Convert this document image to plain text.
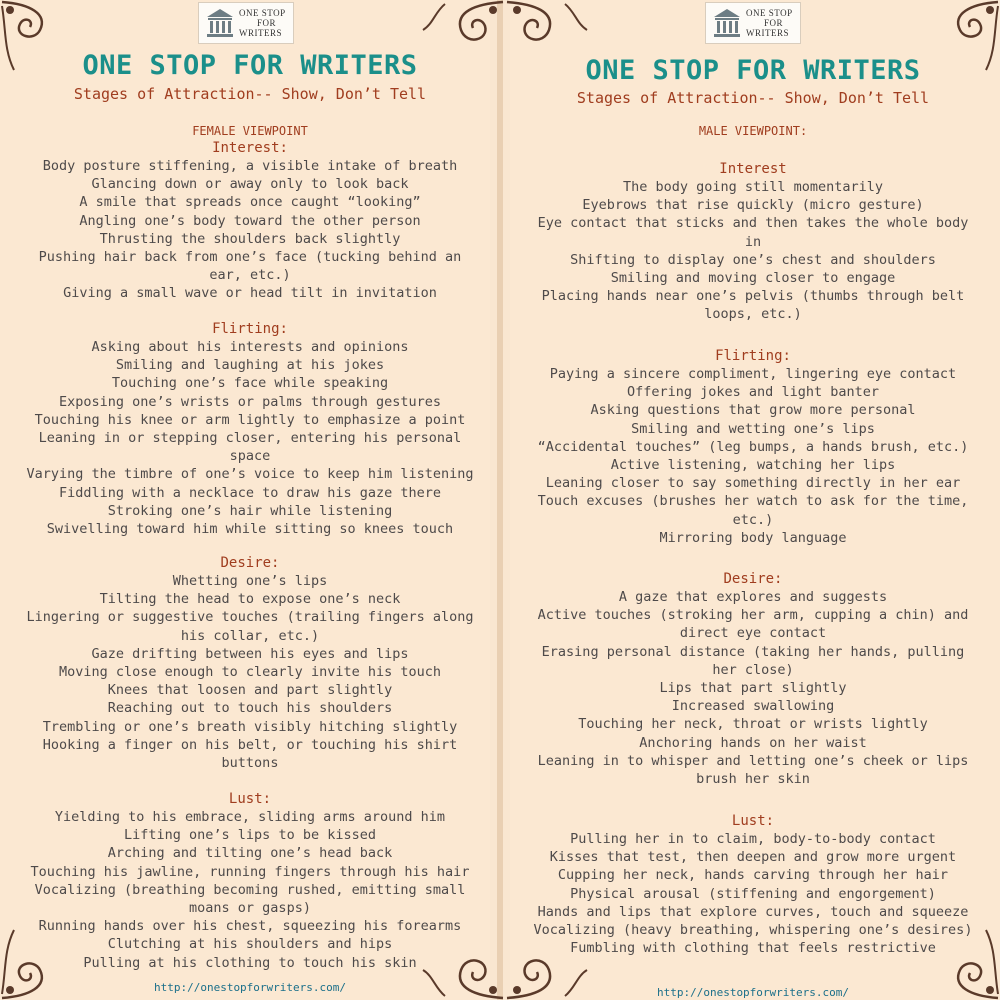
ONE STOP
FOR
WRITERS
ONE STOP FOR WRITERS
Stages of Attraction-- Show, Don’t Tell
FEMALE VIEWPOINT
Interest:
Body posture stiffening, a visible intake of breath
Glancing down or away only to look back
A smile that spreads once caught “looking”
Angling one’s body toward the other person
Thrusting the shoulders back slightly
Pushing hair back from one’s face (tucking behind an
ear, etc.)
Giving a small wave or head tilt in invitation
Flirting:
Asking about his interests and opinions
Smiling and laughing at his jokes
Touching one’s face while speaking
Exposing one’s wrists or palms through gestures
Touching his knee or arm lightly to emphasize a point
Leaning in or stepping closer, entering his personal
space
Varying the timbre of one’s voice to keep him listening
Fiddling with a necklace to draw his gaze there
Stroking one’s hair while listening
Swivelling toward him while sitting so knees touch
Desire:
Whetting one’s lips
Tilting the head to expose one’s neck
Lingering or suggestive touches (trailing fingers along
his collar, etc.)
Gaze drifting between his eyes and lips
Moving close enough to clearly invite his touch
Knees that loosen and part slightly
Reaching out to touch his shoulders
Trembling or one’s breath visibly hitching slightly
Hooking a finger on his belt, or touching his shirt
buttons
Lust:
Yielding to his embrace, sliding arms around him
Lifting one’s lips to be kissed
Arching and tilting one’s head back
Touching his jawline, running fingers through his hair
Vocalizing (breathing becoming rushed, emitting small
moans or gasps)
Running hands over his chest, squeezing his forearms
Clutching at his shoulders and hips
Pulling at his clothing to touch his skin
http://onestopforwriters.com/
ONE STOP
FOR
WRITERS
ONE STOP FOR WRITERS
Stages of Attraction-- Show, Don’t Tell
MALE VIEWPOINT:
Interest
The body going still momentarily
Eyebrows that rise quickly (micro gesture)
Eye contact that sticks and then takes the whole body
in
Shifting to display one’s chest and shoulders
Smiling and moving closer to engage
Placing hands near one’s pelvis (thumbs through belt
loops, etc.)
Flirting:
Paying a sincere compliment, lingering eye contact
Offering jokes and light banter
Asking questions that grow more personal
Smiling and wetting one’s lips
“Accidental touches” (leg bumps, a hands brush, etc.)
Active listening, watching her lips
Leaning closer to say something directly in her ear
Touch excuses (brushes her watch to ask for the time,
etc.)
Mirroring body language
Desire:
A gaze that explores and suggests
Active touches (stroking her arm, cupping a chin) and
direct eye contact
Erasing personal distance (taking her hands, pulling
her close)
Lips that part slightly
Increased swallowing
Touching her neck, throat or wrists lightly
Anchoring hands on her waist
Leaning in to whisper and letting one’s cheek or lips
brush her skin
Lust:
Pulling her in to claim, body-to-body contact
Kisses that test, then deepen and grow more urgent
Cupping her neck, hands carving through her hair
Physical arousal (stiffening and engorgement)
Hands and lips that explore curves, touch and squeeze
Vocalizing (heavy breathing, whispering one’s desires)
Fumbling with clothing that feels restrictive
http://onestopforwriters.com/
